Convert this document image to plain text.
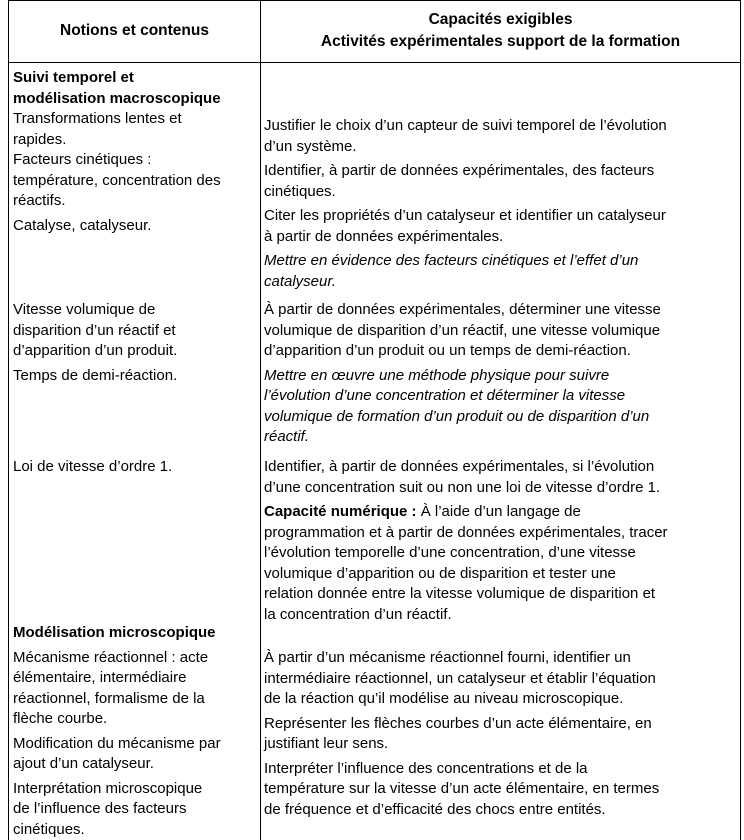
Notions et contenus
Capacités exigibles
Activités expérimentales support de la formation

Suivi temporel et

modélisation macroscopique

Transformations lentes et

rapides.

Facteurs cinétiques :

température, concentration des

réactifs.

Catalyse, catalyseur.

Vitesse volumique de

disparition d’un réactif et

d’apparition d’un produit.

Temps de demi-réaction.

Loi de vitesse d’ordre 1.

Justifier le choix d’un capteur de suivi temporel de l’évolution

d’un système.

Identifier, à partir de données expérimentales, des facteurs

cinétiques.

Citer les propriétés d’un catalyseur et identifier un catalyseur

à partir de données expérimentales.

Mettre en évidence des facteurs cinétiques et l’effet d’un

catalyseur.

À partir de données expérimentales, déterminer une vitesse

volumique de disparition d’un réactif, une vitesse volumique

d’apparition d’un produit ou un temps de demi-réaction.

Mettre en œuvre une méthode physique pour suivre

l’évolution d’une concentration et déterminer la vitesse

volumique de formation d’un produit ou de disparition d’un

réactif.

Identifier, à partir de données expérimentales, si l’évolution

d’une concentration suit ou non une loi de vitesse d’ordre 1.

Capacité numérique : À l’aide d’un langage de

programmation et à partir de données expérimentales, tracer

l’évolution temporelle d’une concentration, d’une vitesse

volumique d’apparition ou de disparition et tester une

relation donnée entre la vitesse volumique de disparition et

la concentration d’un réactif.

Modélisation microscopique

Mécanisme réactionnel : acte

élémentaire, intermédiaire

réactionnel, formalisme de la

flèche courbe.

Modification du mécanisme par

ajout d’un catalyseur.

Interprétation microscopique

de l’influence des facteurs

cinétiques.

À partir d’un mécanisme réactionnel fourni, identifier un

intermédiaire réactionnel, un catalyseur et établir l’équation

de la réaction qu’il modélise au niveau microscopique.

Représenter les flèches courbes d’un acte élémentaire, en

justifiant leur sens.

Interpréter l’influence des concentrations et de la

température sur la vitesse d’un acte élémentaire, en termes

de fréquence et d’efficacité des chocs entre entités.
